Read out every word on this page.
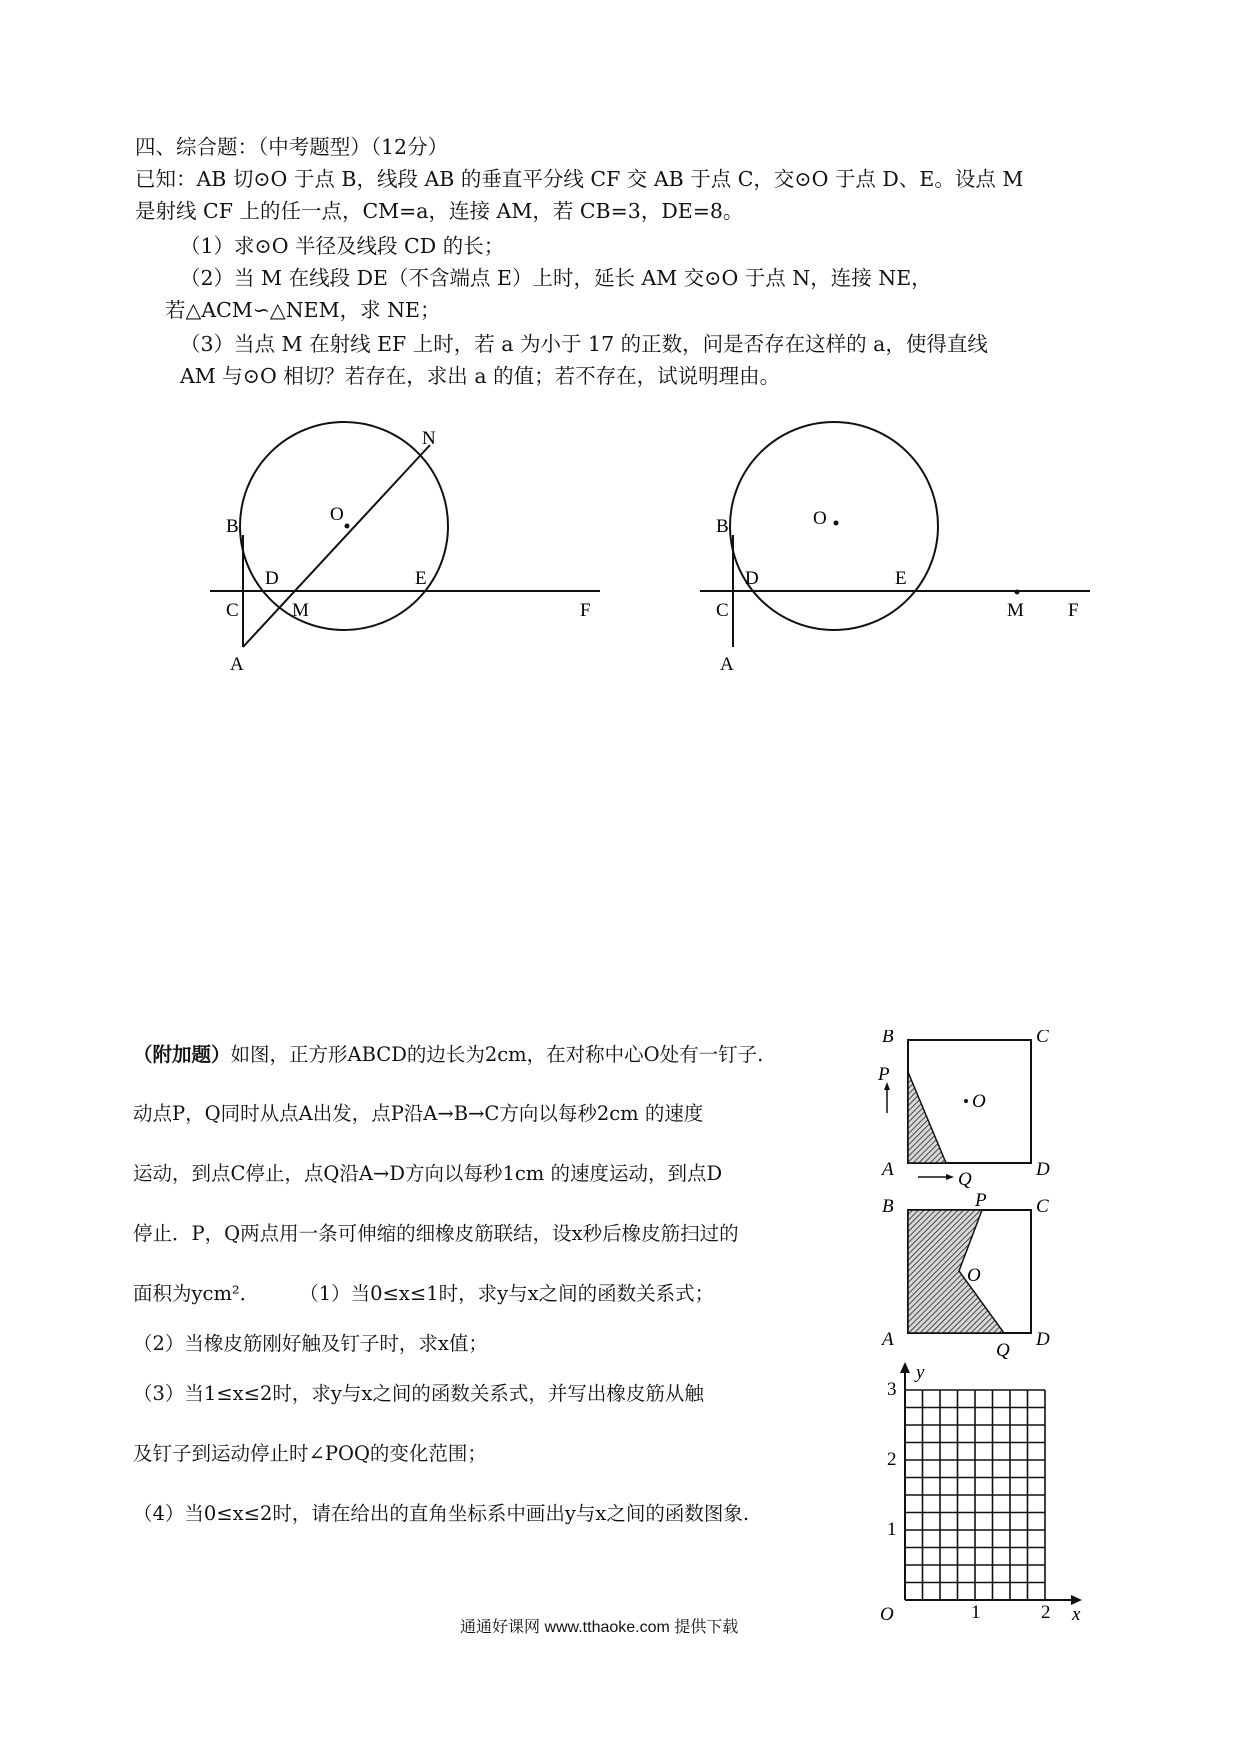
四、综合题：（中考题型）（12分）
已知：AB 切⊙O 于点 B，线段 AB 的垂直平分线 CF 交 AB 于点 C，交⊙O 于点 D、E。设点 M
是射线 CF 上的任一点，CM=a，连接 AM，若 CB=3，DE=8。
（1）求⊙O 半径及线段 CD 的长；
（2）当 M 在线段 DE（不含端点 E）上时，延长 AM 交⊙O 于点 N，连接 NE，
若△ACM∽△NEM，求 NE；
（3）当点 M 在射线 EF 上时，若 a 为小于 17 的正数，问是否存在这样的 a，使得直线
AM 与⊙O 相切？若存在，求出 a 的值；若不存在，试说明理由。
N
O
B
D	E
C	M	F
A
O
B
D	E
C	M F
A
（附加题）如图，正方形ABCD的边长为2cm，在对称中心O处有一钉子.
动点P，Q同时从点A出发，点P沿A→B→C方向以每秒2cm 的速度
运动，到点C停止，点Q沿A→D方向以每秒1cm 的速度运动，到点D
停止．P，Q两点用一条可伸缩的细橡皮筋联结，设x秒后橡皮筋扫过的
面积为ycm²． （1）当0≤x≤1时，求y与x之间的函数关系式；
（2）当橡皮筋刚好触及钉子时，求x值；
（3）当1≤x≤2时，求y与x之间的函数关系式，并写出橡皮筋从触
及钉子到运动停止时∠POQ的变化范围；
（4）当0≤x≤2时，请在给出的直角坐标系中画出y与x之间的函数图象.
B	C
P
O
A	Q	D
B	P	C
O
A
Q
D
y
x
O
3
2
1
1	2
通通好课网 www.tthaoke.com 提供下载
